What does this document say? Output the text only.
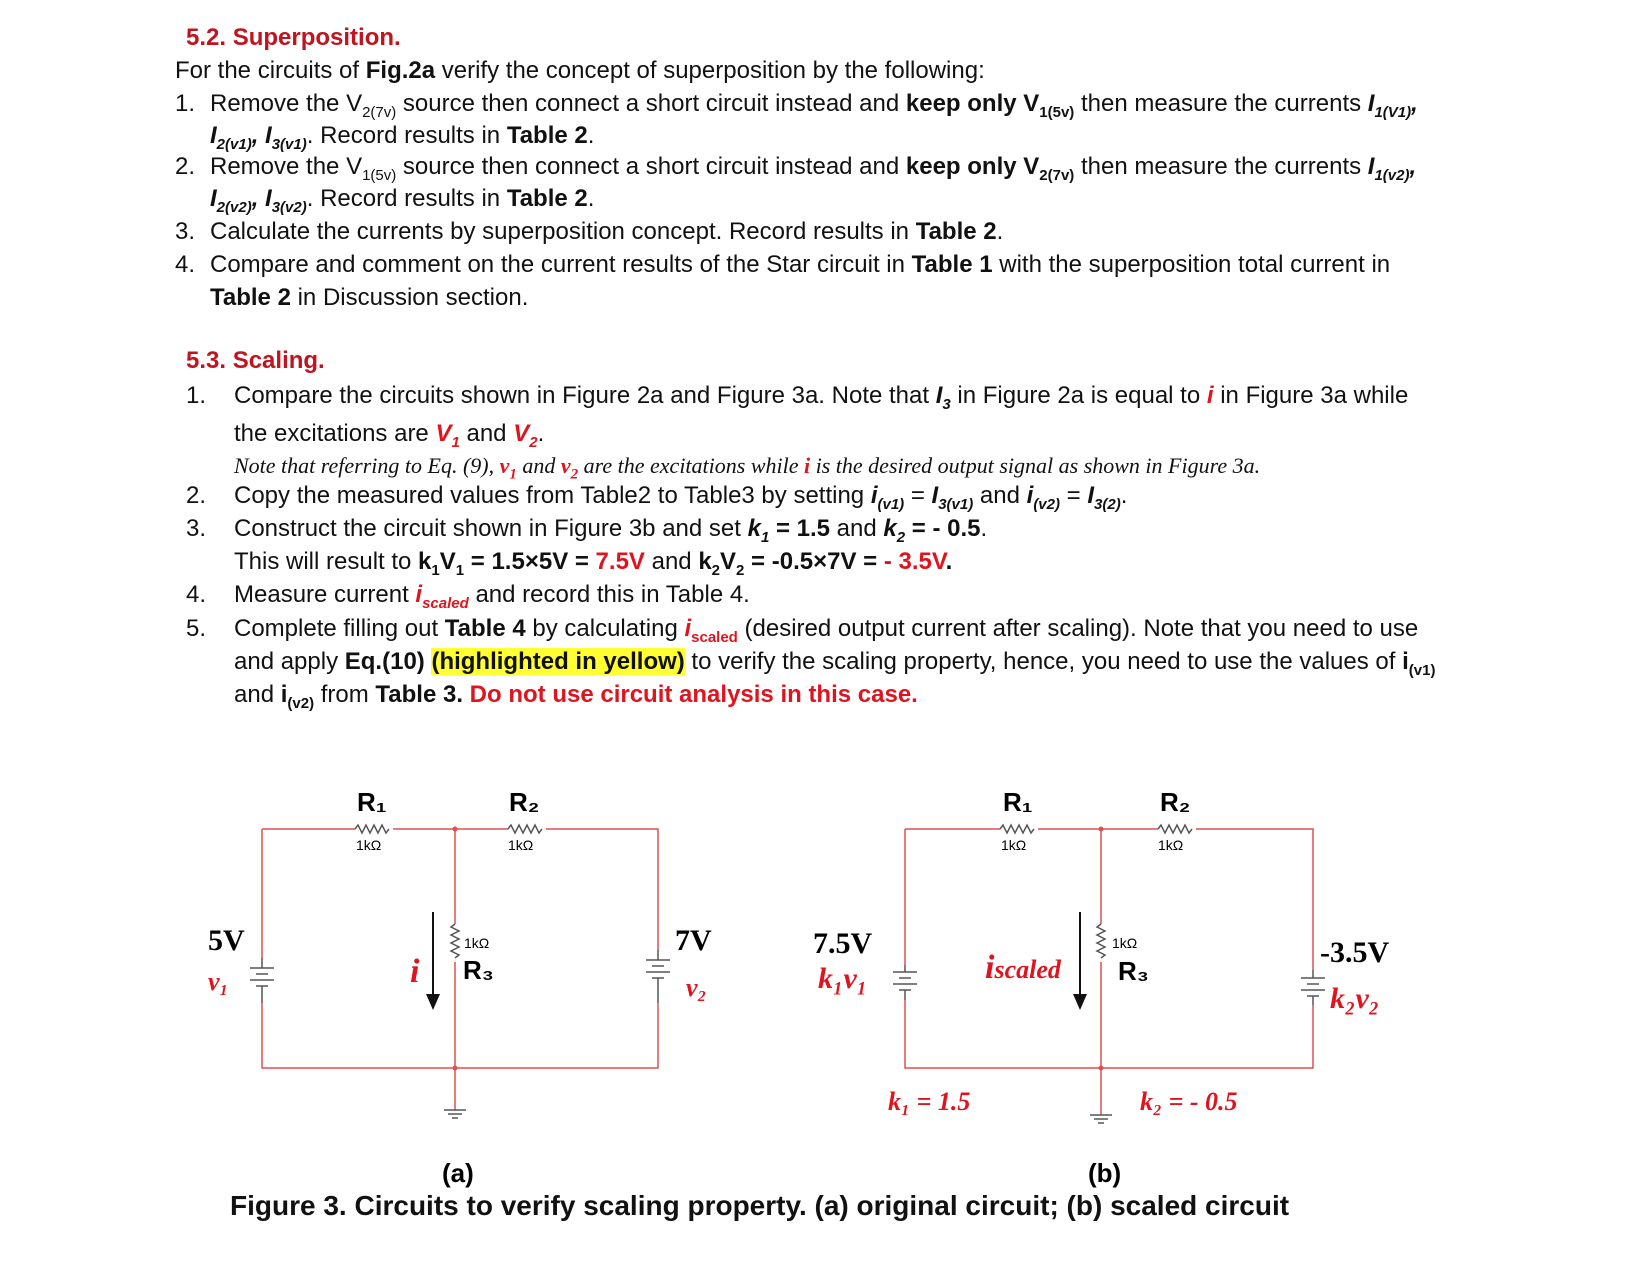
5.2. Superposition.
For the circuits of Fig.2a verify the concept of superposition by the following:
1. Remove the $V_{2(7v)}$ source then connect a short circuit instead and keep only $V_{1(5v)}$ then measure the currents $I_{1(V1)}$,
$I_{2(v1)}$, $I_{3(v1)}$. Record results in Table 2.
2. Remove the $V_{1(5v)}$ source then connect a short circuit instead and keep only $V_{2(7v)}$ then measure the currents $I_{1(v2)}$,
$I_{2(v2)}$, $I_{3(v2)}$. Record results in Table 2.
3. Calculate the currents by superposition concept. Record results in Table 2.
4. Compare and comment on the current results of the Star circuit in Table 1 with the superposition total current in
Table 2 in Discussion section.
5.3. Scaling.
1. Compare the circuits shown in Figure 2a and Figure 3a. Note that $I_3$ in Figure 2a is equal to i in Figure 3a while
the excitations are $V_1$ and $V_2$.
Note that referring to Eq. (9), $v_1$ and $v_2$ are the excitations while i is the desired output signal as shown in Figure 3a.
2. Copy the measured values from Table2 to Table3 by setting $i_{(v1)} = I_{3(v1)}$ and $i_{(v2)} = I_{3(2)}$.
3. Construct the circuit shown in Figure 3b and set $k_1 = 1.5$ and $k_2$ = - 0.5.
This will result to $k_1V_1 = 1.5\times 5V = 7.5V$ and $k_2V_2 = -0.5\times 7V$ = - 3.5V.
4. Measure current $i_{scaled}$ and record this in Table 4.
5. Complete filling out Table 4 by calculating $i_{scaled}$ (desired output current after scaling). Note that you need to use
and apply Eq.(10) (highlighted in yellow) to verify the scaling property, hence, you need to use the values of $i_{(v1)}$
and $i_{(v2)}$ from Table 3. Do not use circuit analysis in this case.
R₁
1kΩ
R₂
1kΩ
1kΩ
R₃
5V
v₁
7V
v₂
i
(a)
R₁
1kΩ
R₂
1kΩ
1kΩ
R₃
7.5V
k₁v₁
-3.5V
k₂v₂
iscaled
k₁ = 1.5	k₂ = - 0.5
(b)
Figure 3. Circuits to verify scaling property. (a) original circuit; (b) scaled circuit
